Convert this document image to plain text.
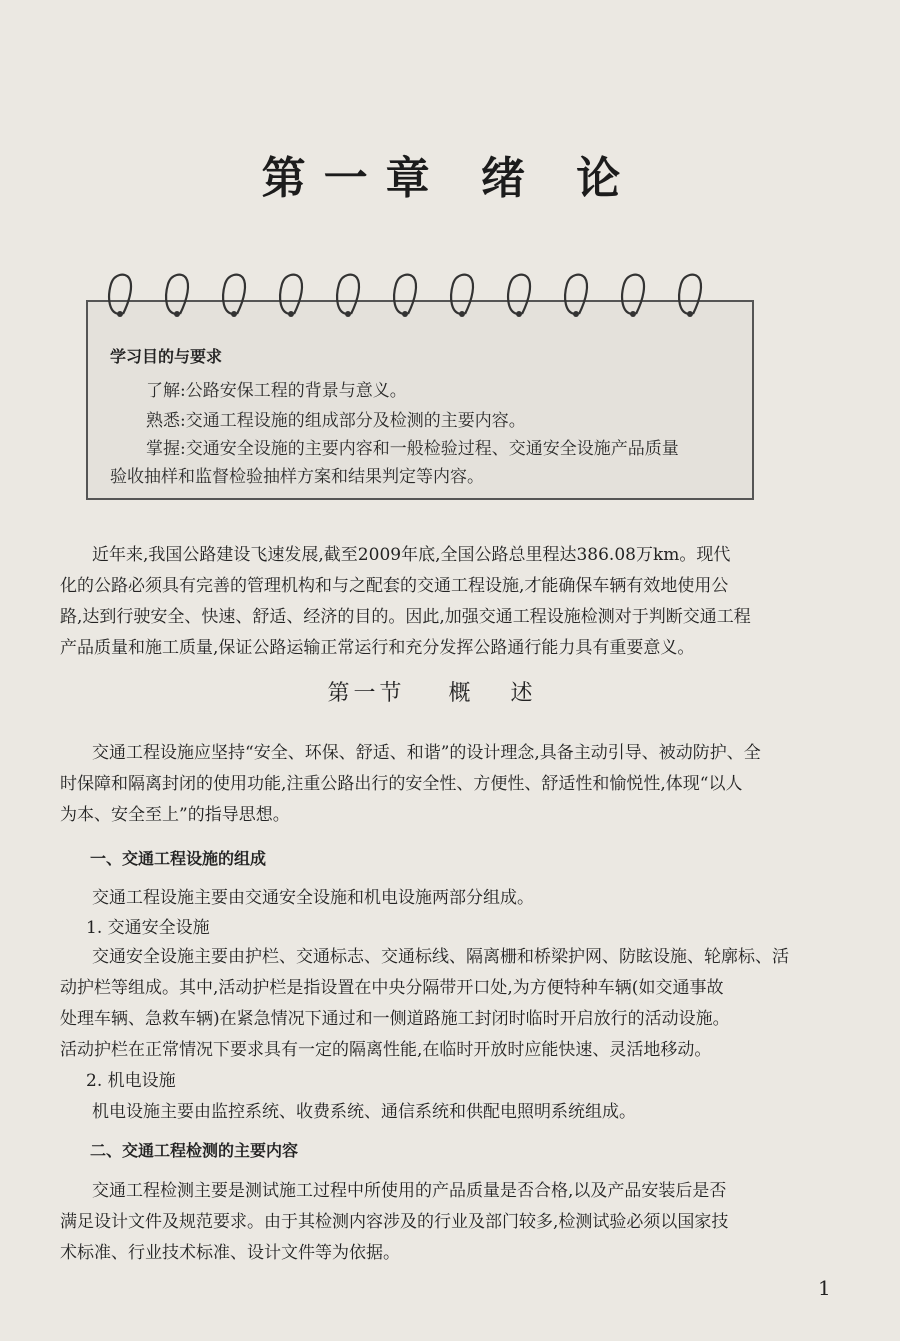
第一章 绪 论
学习目的与要求
了解:公路安保工程的背景与意义。
熟悉:交通工程设施的组成部分及检测的主要内容。
掌握:交通安全设施的主要内容和一般检验过程、交通安全设施产品质量
验收抽样和监督检验抽样方案和结果判定等内容。
近年来,我国公路建设飞速发展,截至2009年底,全国公路总里程达386.08万km。现代
化的公路必须具有完善的管理机构和与之配套的交通工程设施,才能确保车辆有效地使用公
路,达到行驶安全、快速、舒适、经济的目的。因此,加强交通工程设施检测对于判断交通工程
产品质量和施工质量,保证公路运输正常运行和充分发挥公路通行能力具有重要意义。
第一节 概述
交通工程设施应坚持“安全、环保、舒适、和谐”的设计理念,具备主动引导、被动防护、全
时保障和隔离封闭的使用功能,注重公路出行的安全性、方便性、舒适性和愉悦性,体现“以人
为本、安全至上”的指导思想。
一、交通工程设施的组成
交通工程设施主要由交通安全设施和机电设施两部分组成。
1. 交通安全设施
交通安全设施主要由护栏、交通标志、交通标线、隔离栅和桥梁护网、防眩设施、轮廓标、活
动护栏等组成。其中,活动护栏是指设置在中央分隔带开口处,为方便特种车辆(如交通事故
处理车辆、急救车辆)在紧急情况下通过和一侧道路施工封闭时临时开启放行的活动设施。
活动护栏在正常情况下要求具有一定的隔离性能,在临时开放时应能快速、灵活地移动。
2. 机电设施
机电设施主要由监控系统、收费系统、通信系统和供配电照明系统组成。
二、交通工程检测的主要内容
交通工程检测主要是测试施工过程中所使用的产品质量是否合格,以及产品安装后是否
满足设计文件及规范要求。由于其检测内容涉及的行业及部门较多,检测试验必须以国家技
术标准、行业技术标准、设计文件等为依据。
1
